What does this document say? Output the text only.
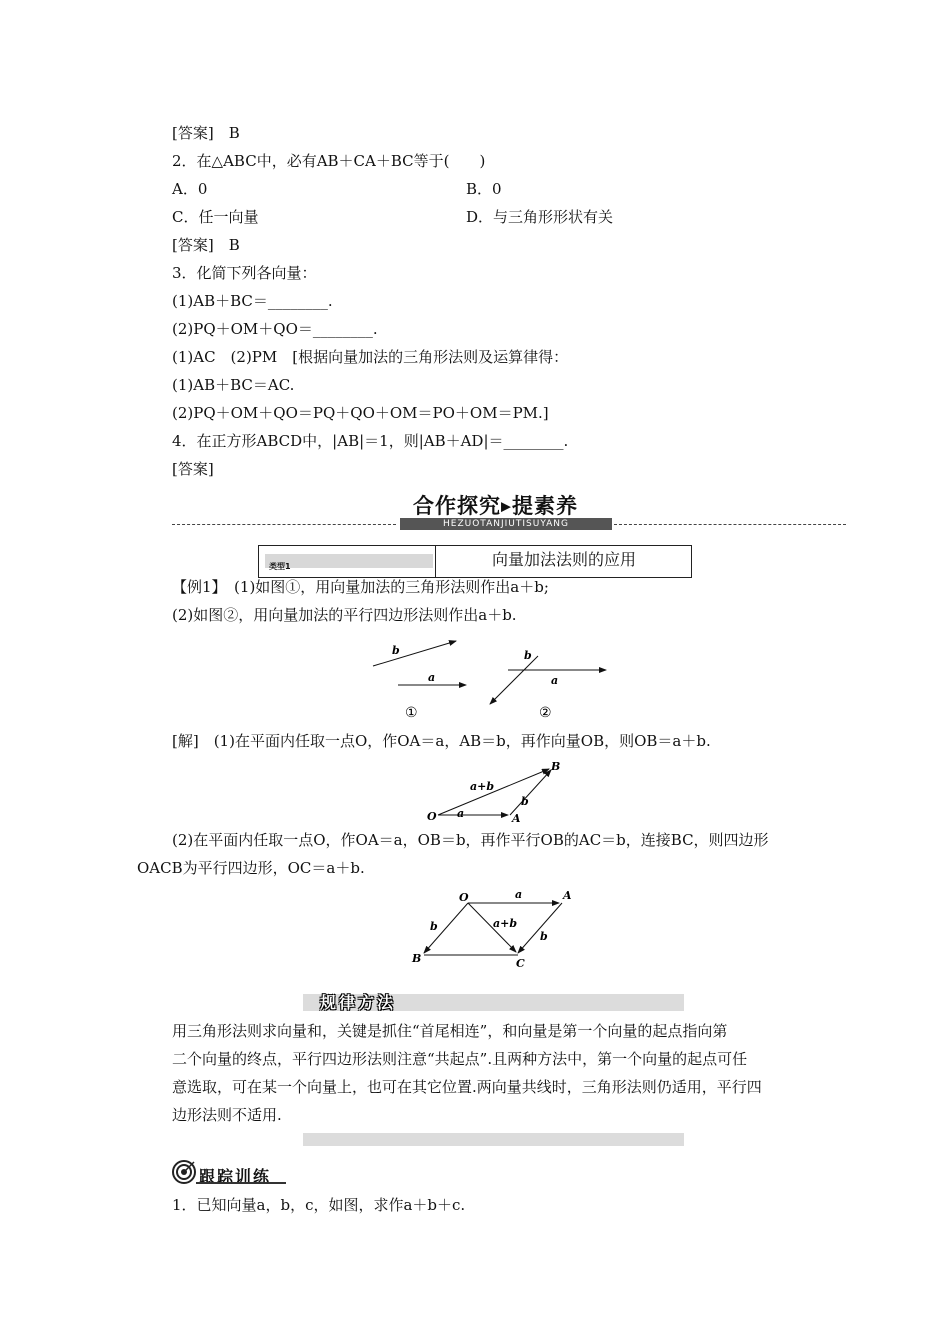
[答案]　B
2．在△ABC中，必有AB＋CA＋BC等于(　　)
A．0	B．0
C．任一向量	D．与三角形形状有关
[答案]　B
3．化简下列各向量：
(1)AB＋BC＝________.
(2)PQ＋OM＋QO＝________.
(1)AC　(2)PM　[根据向量加法的三角形法则及运算律得：
(1)AB＋BC＝AC.
(2)PQ＋OM＋QO＝PQ＋QO＋OM＝PO＋OM＝PM.]
4．在正方形ABCD中，|AB|＝1，则|AB＋AD|＝________.
[答案]
合作探究▶提素养
HEZUOTANJIUTISUYANG
类型1	向量加法法则的应用
【例1】　(1)如图①，用向量加法的三角形法则作出a＋b;
(2)如图②，用向量加法的平行四边形法则作出a＋b.
b
a
①
b
a
②
O	A
B
a+b
a
b
O	A
B	C
a
b
b
a+b
[解]　(1)在平面内任取一点O，作OA＝a，AB＝b，再作向量OB，则OB＝a＋b.
(2)在平面内任取一点O，作OA＝a，OB＝b，再作平行OB的AC＝b，连接BC，则四边形
OACB为平行四边形，OC＝a＋b.
规律方法
用三角形法则求向量和，关键是抓住“首尾相连”，和向量是第一个向量的起点指向第
二个向量的终点，平行四边形法则注意“共起点”.且两种方法中，第一个向量的起点可任
意选取，可在某一个向量上，也可在其它位置.两向量共线时，三角形法则仍适用，平行四
边形法则不适用.
跟踪训练
1．已知向量a，b，c，如图，求作a＋b＋c.
